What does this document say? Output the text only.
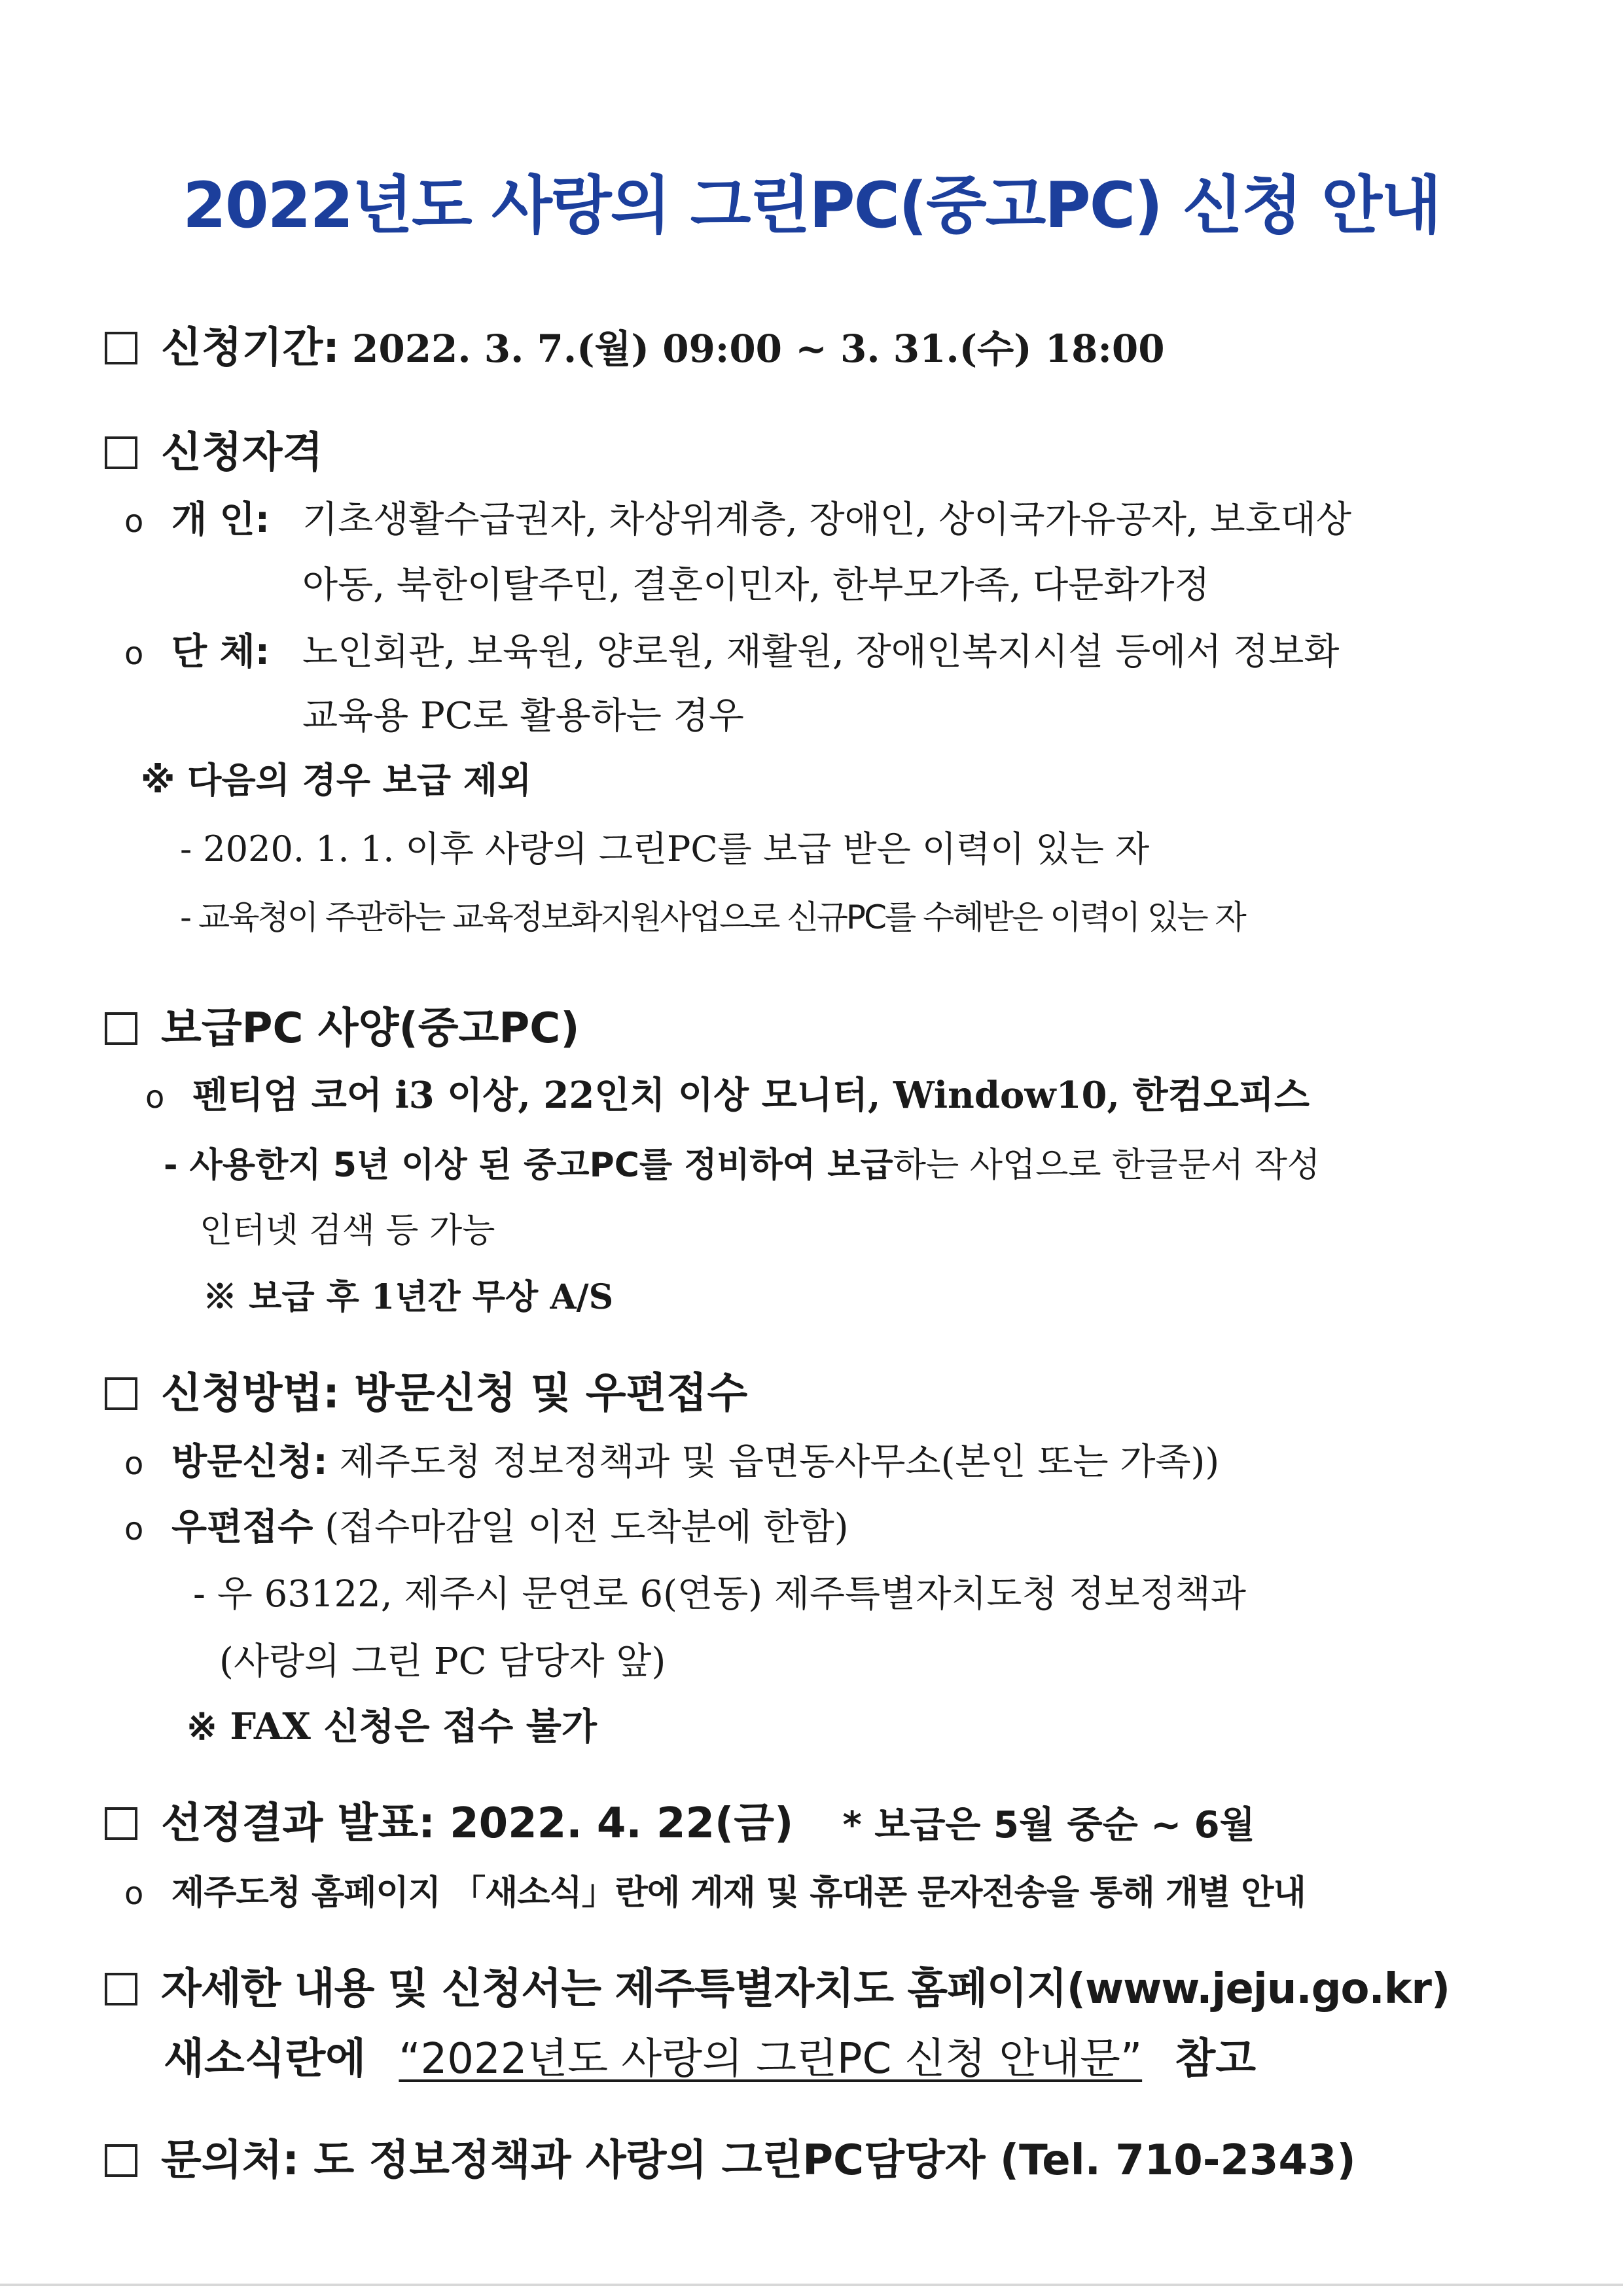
2022년도 사랑의 그린PC(중고PC) 신청 안내
신청기간: 2022. 3. 7.(월) 09:00 ~ 3. 31.(수) 18:00
신청자격
o 개 인: 기초생활수급권자, 차상위계층, 장애인, 상이국가유공자, 보호대상
아동, 북한이탈주민, 결혼이민자, 한부모가족, 다문화가정
o 단 체: 노인회관, 보육원, 양로원, 재활원, 장애인복지시설 등에서 정보화
교육용 PC로 활용하는 경우
※ 다음의 경우 보급 제외
- 2020. 1. 1. 이후 사랑의 그린PC를 보급 받은 이력이 있는 자
- 교육청이 주관하는 교육정보화지원사업으로 신규PC를 수혜받은 이력이 있는 자
보급PC 사양(중고PC)
o 펜티엄 코어 i3 이상, 22인치 이상 모니터, Window10, 한컴오피스
- 사용한지 5년 이상 된 중고PC를 정비하여 보급하는 사업으로 한글문서 작성
인터넷 검색 등 가능
※ 보급 후 1년간 무상 A/S
신청방법: 방문신청 및 우편접수
o 방문신청: 제주도청 정보정책과 및 읍면동사무소(본인 또는 가족))
o 우편접수 (접수마감일 이전 도착분에 한함)
- 우 63122, 제주시 문연로 6(연동) 제주특별자치도청 정보정책과
(사랑의 그린 PC 담당자 앞)
※ FAX 신청은 접수 불가
선정결과 발표: 2022. 4. 22(금) * 보급은 5월 중순 ~ 6월
o 제주도청 홈페이지 「새소식」란에 게재 및 휴대폰 문자전송을 통해 개별 안내
자세한 내용 및 신청서는 제주특별자치도 홈페이지(www.jeju.go.kr)
새소식란에 “2022년도 사랑의 그린PC 신청 안내문” 참고
문의처: 도 정보정책과 사랑의 그린PC담당자 (Tel. 710-2343)
